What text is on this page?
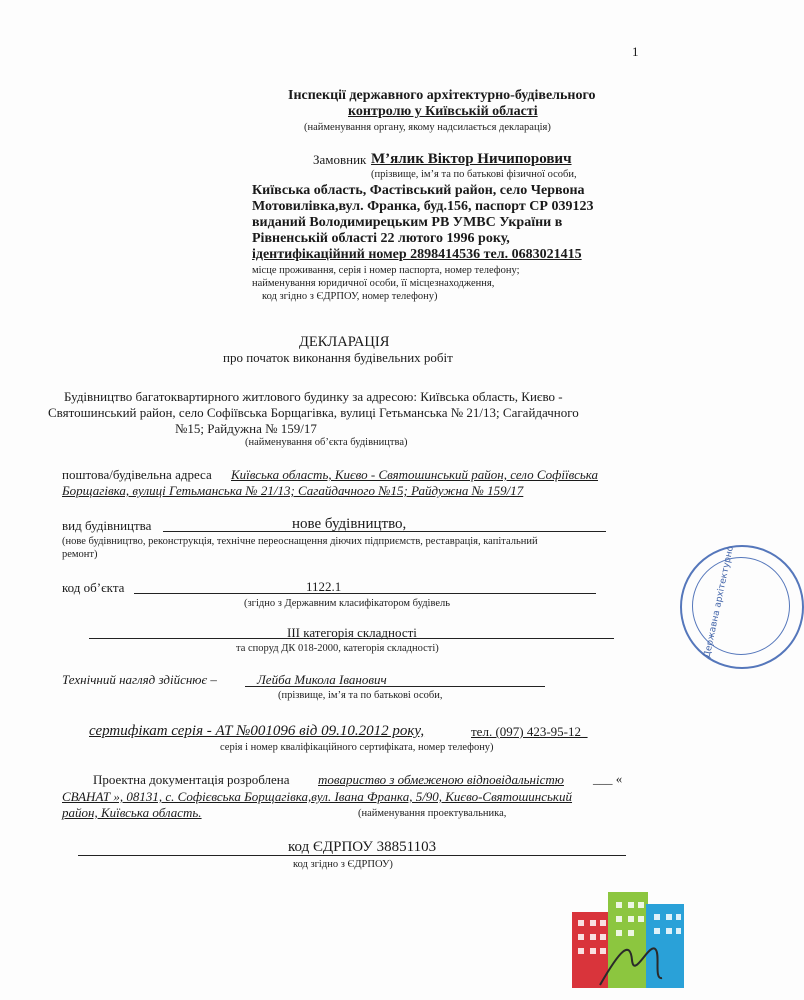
1
Інспекції державного архітектурно-будівельного
контролю у Київській області
(найменування органу, якому надсилається декларація)
Замовник М’ялик Віктор Ничипорович
(прізвище, ім’я та по батькові фізичної особи,
Київська область, Фастівський район, село Червона
Мотовилівка,вул. Франка, буд.156, паспорт СР 039123
виданий Володимирецьким РВ УМВС України в
Рівненській області 22 лютого 1996 року,
ідентифікаційний номер 2898414536 тел. 0683021415
місце проживання, серія і номер паспорта, номер телефону;
найменування юридичної особи, її місцезнаходження,
код згідно з ЄДРПОУ, номер телефону)
ДЕКЛАРАЦІЯ
про початок виконання будівельних робіт
Будівництво багатоквартирного житлового будинку за адресою: Київська область, Києво -
Святошинський район, село Софіївська Борщагівка, вулиці Гетьманська № 21/13; Сагайдачного
№15; Райдужна № 159/17
(найменування об’єкта будівництва)
поштова/будівельна адреса Київська область, Києво - Святошинський район, село Софіївська
Борщагівка, вулиці Гетьманська № 21/13; Сагайдачного №15; Райдужна № 159/17
вид будівництва	нове будівництво,
(нове будівництво, реконструкція, технічне переоснащення діючих підприємств, реставрація, капітальний
ремонт)
код об’єкта	1122.1
(згідно з Державним класифікатором будівель
ІІІ категорія складності
та споруд ДК 018-2000, категорія складності)
Технічний нагляд здійснює –	Лейба Микола Іванович
(прізвище, ім’я та по батькові особи,
сертифікат серія - АТ №001096 від 09.10.2012 року,	тел. (097) 423-95-12_
серія і номер кваліфікаційного сертифіката, номер телефону)
Проектна документація розроблена товариство з обмеженою відповідальністю ___ «
СВАНАТ », 08131, с. Софієвська Борщагівка,вул. Івана Франка, 5/90, Києво-Святошинський
район, Київська область.	(найменування проектувальника,
код ЄДРПОУ 38851103
код згідно з ЄДРПОУ)
Державна архітектурно
